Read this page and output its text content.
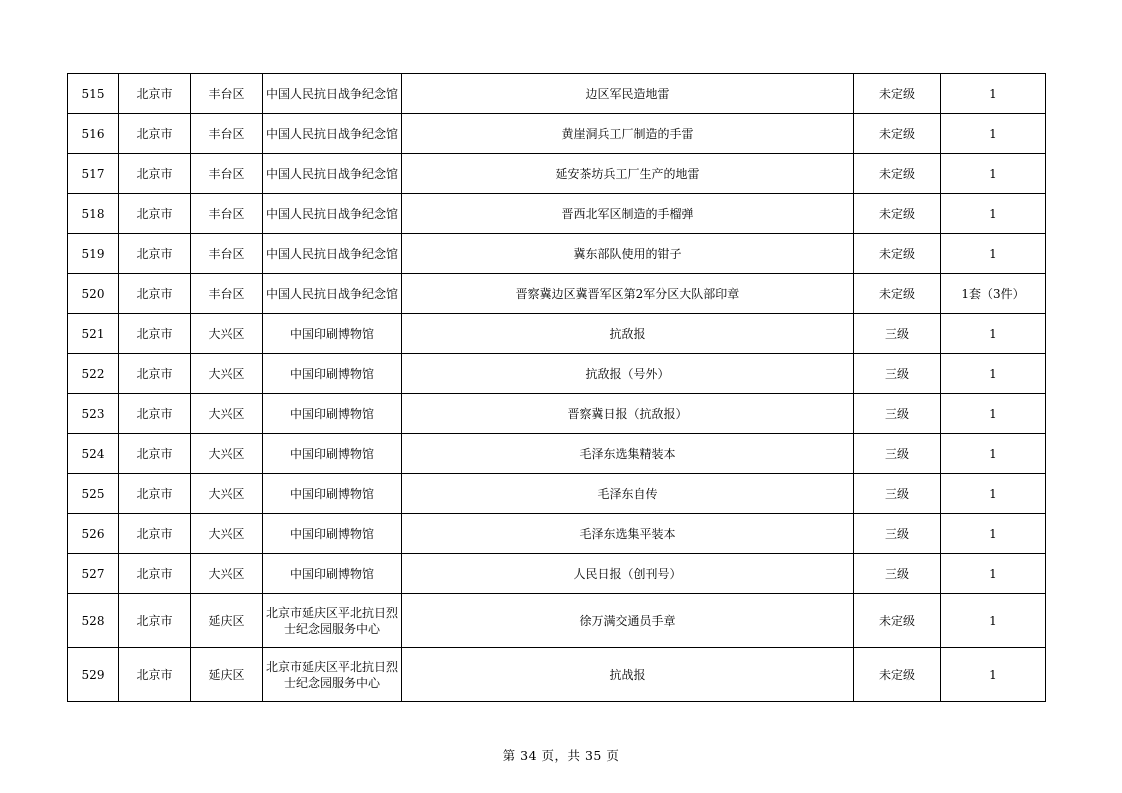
515	北京市	丰台区	中国人民抗日战争纪念馆	边区军民造地雷	未定级	1
516	北京市	丰台区	中国人民抗日战争纪念馆	黄崖洞兵工厂制造的手雷	未定级	1
517	北京市	丰台区	中国人民抗日战争纪念馆	延安茶坊兵工厂生产的地雷	未定级	1
518	北京市	丰台区	中国人民抗日战争纪念馆	晋西北军区制造的手榴弹	未定级	1
519	北京市	丰台区	中国人民抗日战争纪念馆	冀东部队使用的钳子	未定级	1
520	北京市	丰台区	中国人民抗日战争纪念馆	晋察冀边区冀晋军区第2军分区大队部印章	未定级	1套（3件）
521	北京市	大兴区	中国印刷博物馆	抗敌报	三级	1
522	北京市	大兴区	中国印刷博物馆	抗敌报（号外）	三级	1
523	北京市	大兴区	中国印刷博物馆	晋察冀日报（抗敌报）	三级	1
524	北京市	大兴区	中国印刷博物馆	毛泽东选集精装本	三级	1
525	北京市	大兴区	中国印刷博物馆	毛泽东自传	三级	1
526	北京市	大兴区	中国印刷博物馆	毛泽东选集平装本	三级	1
527	北京市	大兴区	中国印刷博物馆	人民日报（创刊号）	三级	1
528	北京市	延庆区	北京市延庆区平北抗日烈士纪念园服务中心	徐万满交通员手章	未定级	1
529	北京市	延庆区	北京市延庆区平北抗日烈士纪念园服务中心	抗战报	未定级	1
第 34 页，共 35 页
